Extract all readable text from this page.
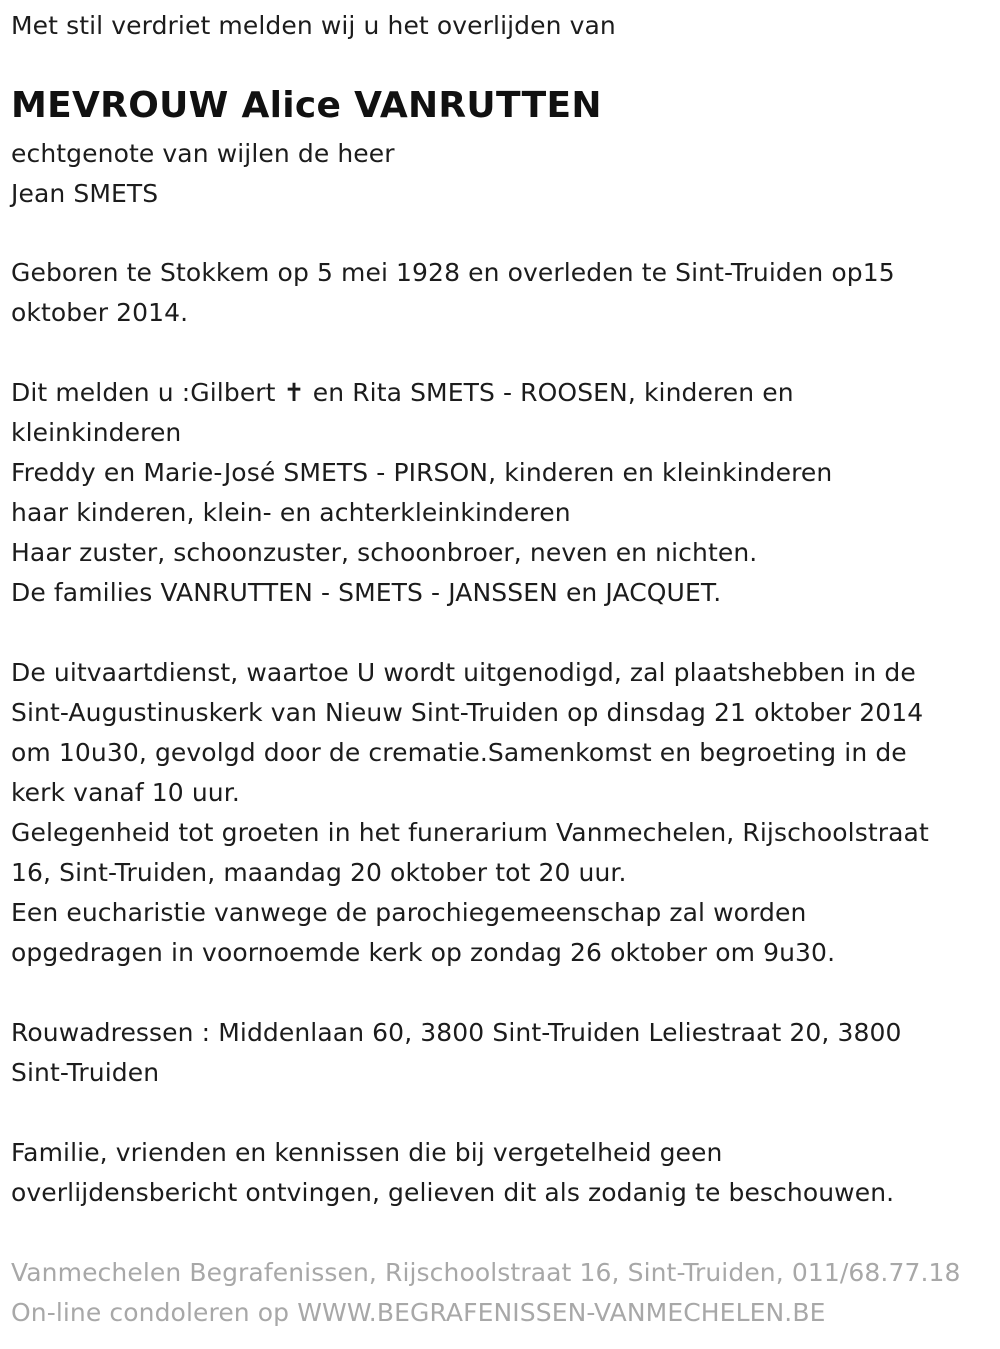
Met stil verdriet melden wij u het overlijden van
MEVROUW Alice VANRUTTEN
echtgenote van wijlen de heer
Jean SMETS
Geboren te Stokkem op 5 mei 1928 en overleden te Sint-Truiden op15
oktober 2014.
Dit melden u :Gilbert ✝ en Rita SMETS - ROOSEN, kinderen en
kleinkinderen
Freddy en Marie-José SMETS - PIRSON, kinderen en kleinkinderen
haar kinderen, klein- en achterkleinkinderen
Haar zuster, schoonzuster, schoonbroer, neven en nichten.
De families VANRUTTEN - SMETS - JANSSEN en JACQUET.
De uitvaartdienst, waartoe U wordt uitgenodigd, zal plaatshebben in de
Sint-Augustinuskerk van Nieuw Sint-Truiden op dinsdag 21 oktober 2014
om 10u30, gevolgd door de crematie.Samenkomst en begroeting in de
kerk vanaf 10 uur.
Gelegenheid tot groeten in het funerarium Vanmechelen, Rijschoolstraat
16, Sint-Truiden, maandag 20 oktober tot 20 uur.
Een eucharistie vanwege de parochiegemeenschap zal worden
opgedragen in voornoemde kerk op zondag 26 oktober om 9u30.
Rouwadressen : Middenlaan 60, 3800 Sint-Truiden Leliestraat 20, 3800
Sint-Truiden
Familie, vrienden en kennissen die bij vergetelheid geen
overlijdensbericht ontvingen, gelieven dit als zodanig te beschouwen.
Vanmechelen Begrafenissen, Rijschoolstraat 16, Sint-Truiden, 011/68.77.18
On-line condoleren op WWW.BEGRAFENISSEN-VANMECHELEN.BE
